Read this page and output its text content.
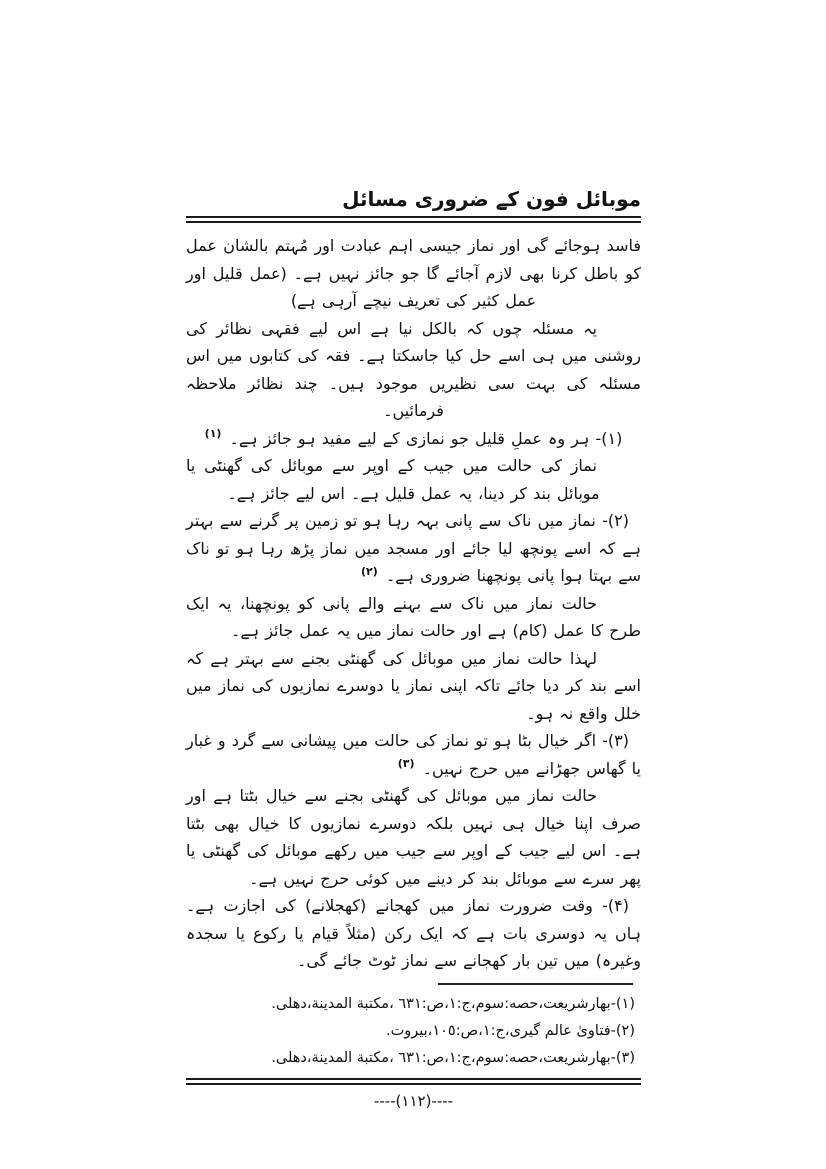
موبائل فون کے ضروری مسائل

فاسد ہوجائے گی اور نماز جیسی اہم عبادت اور مُہتم بالشان عمل کو باطل کرنا بھی لازم آجائے گا جو جائز نہیں ہے۔ (عمل قلیل اور عمل کثیر کی تعریف نیچے آرہی ہے)

یہ مسئلہ چوں کہ بالکل نیا ہے اس لیے فقہی نظائر کی روشنی میں ہی اسے حل کیا جاسکتا ہے۔ فقہ کی کتابوں میں اس مسئلہ کی بہت سی نظیریں موجود ہیں۔ چند نظائر ملاحظہ فرمائیں۔

(۱)- ہر وہ عملِ قلیل جو نمازی کے لیے مفید ہو جائز ہے۔ $^{(۱)}$

نماز کی حالت میں جیب کے اوپر سے موبائل کی گھنٹی یا موبائل بند کر دینا، یہ عمل قلیل ہے۔ اس لیے جائز ہے۔

(۲)- نماز میں ناک سے پانی بہہ رہا ہو تو زمین پر گرنے سے بہتر ہے کہ اسے پونچھ لیا جائے اور مسجد میں نماز پڑھ رہا ہو تو ناک سے بہتا ہوا پانی پونچھنا ضروری ہے۔ $^{(۲)}$

حالت نماز میں ناک سے بہنے والے پانی کو پونچھنا، یہ ایک طرح کا عمل (کام) ہے اور حالت نماز میں یہ عمل جائز ہے۔

لہذا حالت نماز میں موبائل کی گھنٹی بجنے سے بہتر ہے کہ اسے بند کر دیا جائے تاکہ اپنی نماز یا دوسرے نمازیوں کی نماز میں خلل واقع نہ ہو۔

(۳)- اگر خیال بٹا ہو تو نماز کی حالت میں پیشانی سے گرد و غبار یا گھاس جھڑانے میں حرج نہیں۔ $^{(۳)}$

حالت نماز میں موبائل کی گھنٹی بجنے سے خیال بٹتا ہے اور صرف اپنا خیال ہی نہیں بلکہ دوسرے نمازیوں کا خیال بھی بٹتا ہے۔ اس لیے جیب کے اوپر سے جیب میں رکھے موبائل کی گھنٹی یا پھر سرے سے موبائل بند کر دینے میں کوئی حرج نہیں ہے۔

(۴)- وقت ضرورت نماز میں کھجانے (کھجلانے) کی اجازت ہے۔ ہاں یہ دوسری بات ہے کہ ایک رکن (مثلاً قیام یا رکوع یا سجدہ وغیرہ) میں تین بار کھجانے سے نماز ٹوٹ جائے گی۔

(١)-بهارشريعت،حصه:سوم،ج:١،ص:٦٣١ ،مكتبة المدينة،دهلى.
(٢)-فتاوىٰ عالم گيرى،ج:١،ص:١٠٥،بيروت.
(٣)-بهارشريعت،حصه:سوم،ج:١،ص:٦٣١ ،مكتبة المدينة،دهلى.
----(۱۱۲)----
